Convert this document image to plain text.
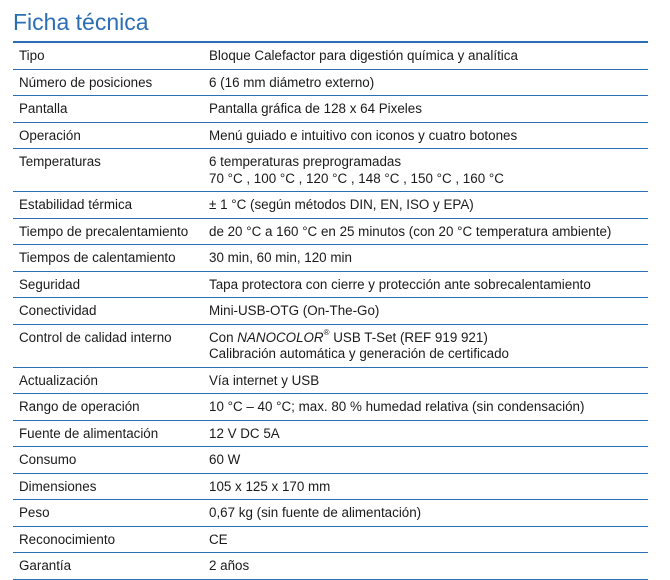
Ficha técnica
Tipo	Bloque Calefactor para digestión química y analítica
Número de posiciones	6 (16 mm diámetro externo)
Pantalla	Pantalla gráfica de 128 x 64 Pixeles
Operación	Menú guiado e intuitivo con iconos y cuatro botones
Temperaturas	6 temperaturas preprogramadas
70 °C , 100 °C , 120 °C , 148 °C , 150 °C , 160 °C

Estabilidad térmica	± 1 °C (según métodos DIN, EN, ISO y EPA)
Tiempo de precalentamiento	de 20 °C a 160 °C en 25 minutos (con 20 °C temperatura ambiente)
Tiempos de calentamiento	30 min, 60 min, 120 min
Seguridad	Tapa protectora con cierre y protección ante sobrecalentamiento
Conectividad	Mini-USB-OTG (On-The-Go)
Control de calidad interno	Con NANOCOLOR® USB T-Set (REF 919 921)
Calibración automática y generación de certificado

Actualización	Vía internet y USB
Rango de operación	10 °C – 40 °C; max. 80 % humedad relativa (sin condensación)
Fuente de alimentación	12 V DC 5A
Consumo	60 W
Dimensiones	105 x 125 x 170 mm
Peso	0,67 kg (sin fuente de alimentación)
Reconocimiento	CE
Garantía	2 años
